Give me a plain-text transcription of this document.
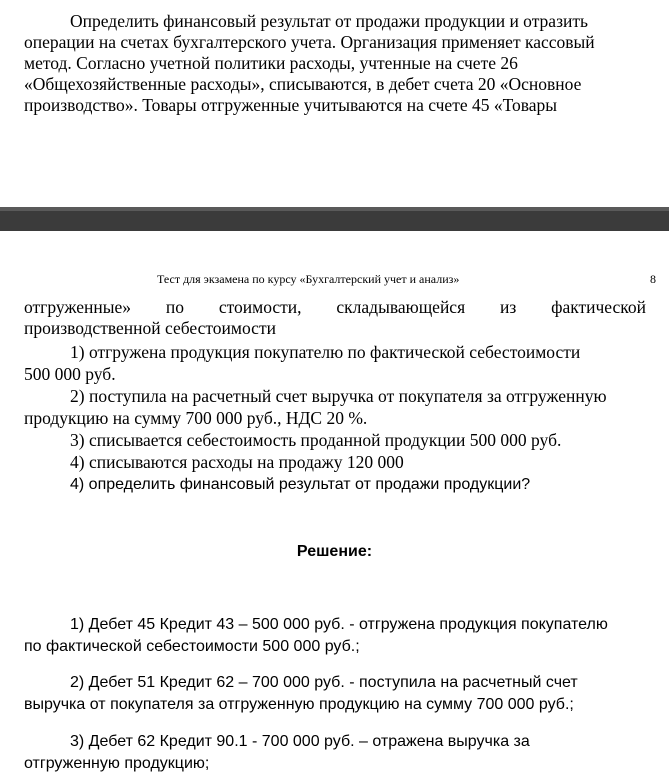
Определить финансовый результат от продажи продукции и отразить

операции на счетах бухгалтерского учета. Организация применяет кассовый

метод. Согласно учетной политики расходы, учтенные на счете 26

«Общехозяйственные расходы», списываются, в дебет счета 20 «Основное

производство». Товары отгруженные учитываются на счете 45 «Товары

Тест для экзамена по курсу «Бухгалтерский учет и анализ»	8

отгруженные» по стоимости, складывающейся из фактической

производственной себестоимости

1) отгружена продукция покупателю по фактической себестоимости

500 000 руб.

2) поступила на расчетный счет выручка от покупателя за отгруженную

продукцию на сумму 700 000 руб., НДС 20 %.

3) списывается себестоимость проданной продукции 500 000 руб.

4) списываются расходы на продажу 120 000

4) определить финансовый результат от продажи продукции?

Решение:

1) Дебет 45 Кредит 43 – 500 000 руб. - отгружена продукция покупателю

по фактической себестоимости 500 000 руб.;

2) Дебет 51 Кредит 62 – 700 000 руб. - поступила на расчетный счет

выручка от покупателя за отгруженную продукцию на сумму 700 000 руб.;

3) Дебет 62 Кредит 90.1 - 700 000 руб. – отражена выручка за

отгруженную продукцию;
